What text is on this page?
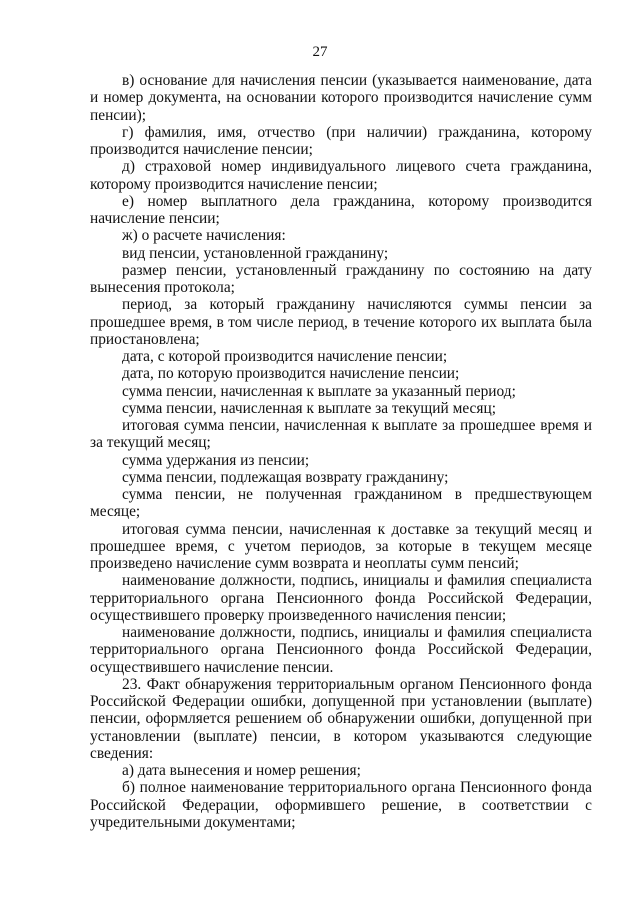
27

в) основание для начисления пенсии (указывается наименование, дата и номер документа, на основании которого производится начисление сумм пенсии);

г) фамилия, имя, отчество (при наличии) гражданина, которому производится начисление пенсии;

д) страховой номер индивидуального лицевого счета гражданина, которому производится начисление пенсии;

е) номер выплатного дела гражданина, которому производится начисление пенсии;

ж) о расчете начисления:

вид пенсии, установленной гражданину;

размер пенсии, установленный гражданину по состоянию на дату вынесения протокола;

период, за который гражданину начисляются суммы пенсии за прошедшее время, в том числе период, в течение которого их выплата была приостановлена;

дата, с которой производится начисление пенсии;

дата, по которую производится начисление пенсии;

сумма пенсии, начисленная к выплате за указанный период;

сумма пенсии, начисленная к выплате за текущий месяц;

итоговая сумма пенсии, начисленная к выплате за прошедшее время и за текущий месяц;

сумма удержания из пенсии;

сумма пенсии, подлежащая возврату гражданину;

сумма пенсии, не полученная гражданином в предшествующем месяце;

итоговая сумма пенсии, начисленная к доставке за текущий месяц и прошедшее время, с учетом периодов, за которые в текущем месяце произведено начисление сумм возврата и неоплаты сумм пенсий;

наименование должности, подпись, инициалы и фамилия специалиста территориального органа Пенсионного фонда Российской Федерации, осуществившего проверку произведенного начисления пенсии;

наименование должности, подпись, инициалы и фамилия специалиста территориального органа Пенсионного фонда Российской Федерации, осуществившего начисление пенсии.

23. Факт обнаружения территориальным органом Пенсионного фонда Российской Федерации ошибки, допущенной при установлении (выплате) пенсии, оформляется решением об обнаружении ошибки, допущенной при установлении (выплате) пенсии, в котором указываются следующие сведения:

а) дата вынесения и номер решения;

б) полное наименование территориального органа Пенсионного фонда Российской Федерации, оформившего решение, в соответствии с учредительными документами;
